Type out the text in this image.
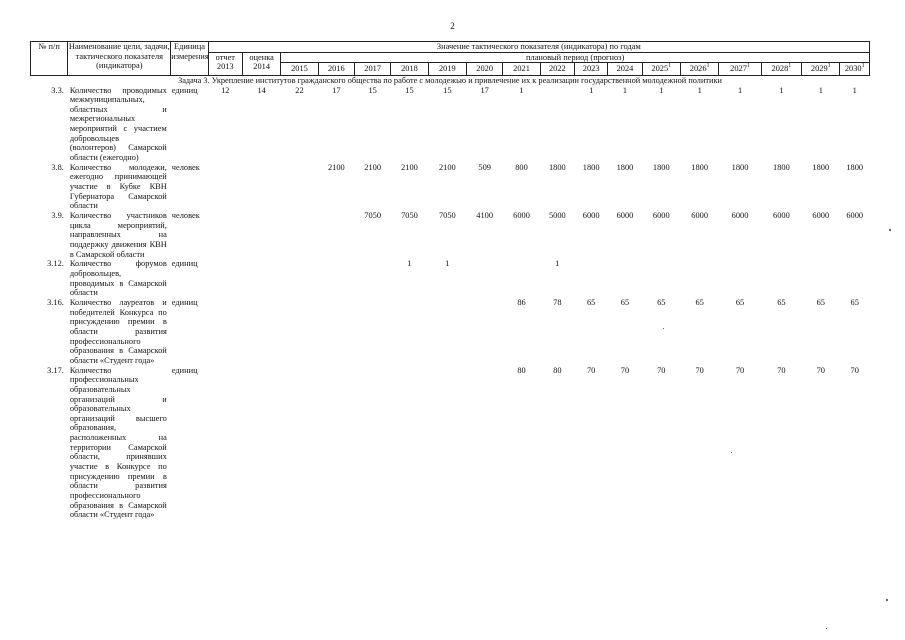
2
№ п/п	Наименование цели, задачи, тактического показателя (индикатора)	Единица измерения	Значение тактического показателя (индикатора) по годам																	
			отчет 2013	оценка 2014	плановый период (прогноз)															
					2015	2016	2017	2018	2019	2020	2021	2022	2023	2024	2025$^1$	2026$^1$	2027$^1$	2028$^1$	2029$^1$	2030$^1$
Задача 3. Укрепление институтов гражданского общества по работе с молодежью и привлечение их к реализации государственной молодежной политики																				
3.3.	Количество проводимых межмуниципальных, областных и межрегиональных мероприятий с участием добровольцев (волонтеров) Самарской области (ежегодно)	единиц	12	14	22	17	15	15	15	17	1		1	1	1	1	1	1	1	1
3.8.	Количество молодежи, ежегодно принимающей участие в Кубке КВН Губернатора Самарской области	человек				2100	2100	2100	2100	509	800	1800	1800	1800	1800	1800	1800	1800	1800	1800
3.9.	Количество участников цикла мероприятий, направленных на поддержку движения КВН в Самарской области	человек					7050	7050	7050	4100	6000	5000	6000	6000	6000	6000	6000	6000	6000	6000
3.12.	Количество форумов добровольцев, проводимых в Самарской области	единиц						1	1			1								
3.16.	Количество лауреатов и победителей Конкурса по присуждению премии в области развития профессионального образования в Самарской области «Студент года»	единиц									86	78	65	65	65	65	65	65	65	65
3.17.	Количество профессиональных образовательных организаций и образовательных организаций высшего образования, расположенных на территории Самарской области, принявших участие в Конкурсе по присуждению премии в области развития профессионального образования в Самарской области «Студент года»	единиц									80	80	70	70	70	70	70	70	70	70
